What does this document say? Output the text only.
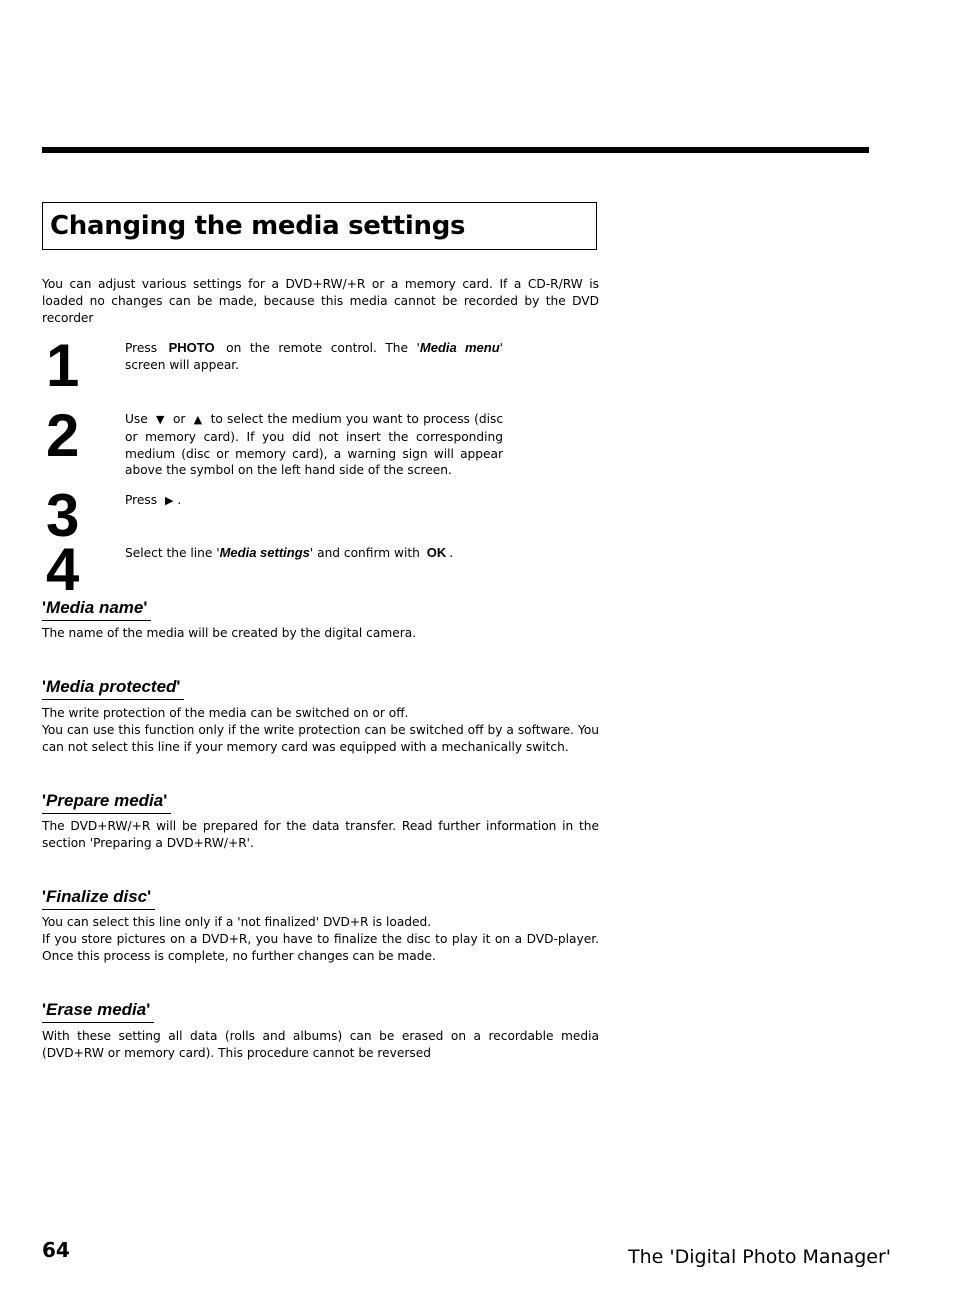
Changing the media settings

You can adjust various settings for a DVD+RW/+R or a memory card. If a CD-R/RW is loaded no changes can be made, because this media cannot be recorded by the DVD recorder

1	Press PHOTO on the remote control. The 'Media menu' screen will appear.

2	Use ▼ or ▲ to select the medium you want to process (disc or memory card). If you did not insert the corresponding medium (disc or memory card), a warning sign will appear above the symbol on the left hand side of the screen.

3	Press ▶ .

4	Select the line 'Media settings' and confirm with OK .

'Media name'

The name of the media will be created by the digital camera.

'Media protected'

The write protection of the media can be switched on or off.

You can use this function only if the write protection can be switched off by a software. You can not select this line if your memory card was equipped with a mechanically switch.

'Prepare media'

The DVD+RW/+R will be prepared for the data transfer. Read further information in the section 'Preparing a DVD+RW/+R'.

'Finalize disc'

You can select this line only if a 'not finalized' DVD+R is loaded.

If you store pictures on a DVD+R, you have to finalize the disc to play it on a DVD-player. Once this process is complete, no further changes can be made.

'Erase media'

With these setting all data (rolls and albums) can be erased on a recordable media (DVD+RW or memory card). This procedure cannot be reversed

64	The 'Digital Photo Manager'
